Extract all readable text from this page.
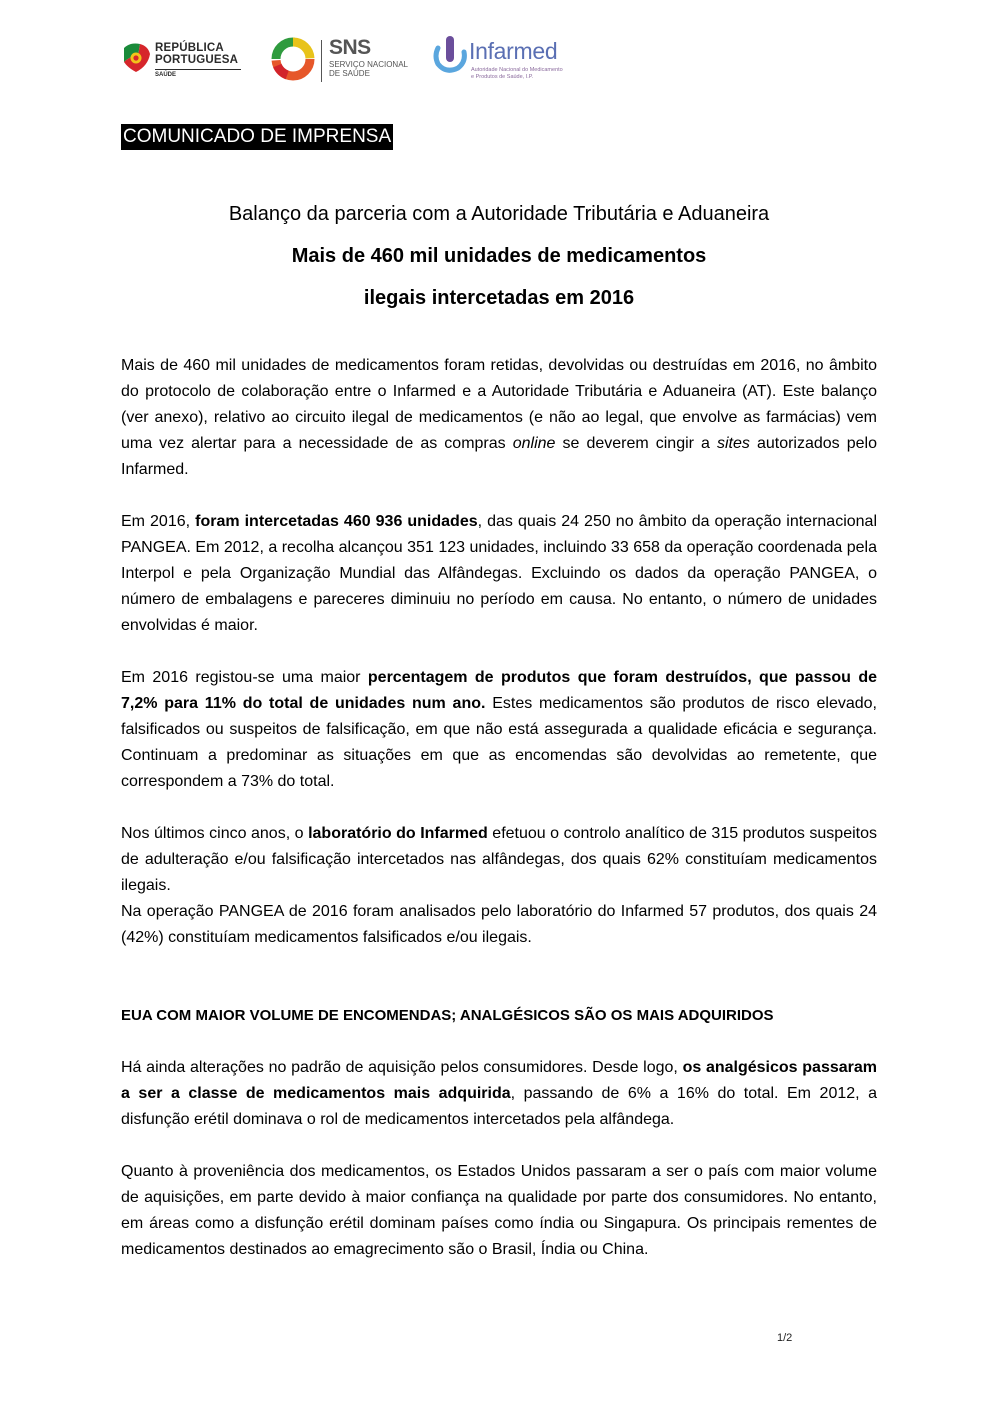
REPÚBLICA
PORTUGUESA
SAÚDE
SNS
SERVIÇO NACIONAL
DE SAÚDE
Infarmed
Autoridade Nacional do Medicamento
e Produtos de Saúde, I.P.
COMUNICADO DE IMPRENSA
Balanço da parceria com a Autoridade Tributária e Aduaneira
Mais de 460 mil unidades de medicamentos
ilegais intercetadas em 2016

Mais de 460 mil unidades de medicamentos foram retidas, devolvidas ou destruídas em 2016, no âmbito do protocolo de colaboração entre o Infarmed e a Autoridade Tributária e Aduaneira (AT). Este balanço (ver anexo), relativo ao circuito ilegal de medicamentos (e não ao legal, que envolve as farmácias) vem uma vez alertar para a necessidade de as compras online se deverem cingir a sites autorizados pelo Infarmed.

Em 2016, foram intercetadas 460 936 unidades, das quais 24 250 no âmbito da operação internacional PANGEA. Em 2012, a recolha alcançou 351 123 unidades, incluindo 33 658 da operação coordenada pela Interpol e pela Organização Mundial das Alfândegas. Excluindo os dados da operação PANGEA, o número de embalagens e pareceres diminuiu no período em causa. No entanto, o número de unidades envolvidas é maior.

Em 2016 registou-se uma maior percentagem de produtos que foram destruídos, que passou de 7,2% para 11% do total de unidades num ano. Estes medicamentos são produtos de risco elevado, falsificados ou suspeitos de falsificação, em que não está assegurada a qualidade eficácia e segurança. Continuam a predominar as situações em que as encomendas são devolvidas ao remetente, que correspondem a 73% do total.

Nos últimos cinco anos, o laboratório do Infarmed efetuou o controlo analítico de 315 produtos suspeitos de adulteração e/ou falsificação intercetados nas alfândegas, dos quais 62% constituíam medicamentos ilegais.

Na operação PANGEA de 2016 foram analisados pelo laboratório do Infarmed 57 produtos, dos quais 24 (42%) constituíam medicamentos falsificados e/ou ilegais.

EUA COM MAIOR VOLUME DE ENCOMENDAS; ANALGÉSICOS SÃO OS MAIS ADQUIRIDOS

Há ainda alterações no padrão de aquisição pelos consumidores. Desde logo, os analgésicos passaram a ser a classe de medicamentos mais adquirida, passando de 6% a 16% do total. Em 2012, a disfunção erétil dominava o rol de medicamentos intercetados pela alfândega.

Quanto à proveniência dos medicamentos, os Estados Unidos passaram a ser o país com maior volume de aquisições, em parte devido à maior confiança na qualidade por parte dos consumidores. No entanto, em áreas como a disfunção erétil dominam países como índia ou Singapura. Os principais rementes de medicamentos destinados ao emagrecimento são o Brasil, Índia ou China.

1/2
